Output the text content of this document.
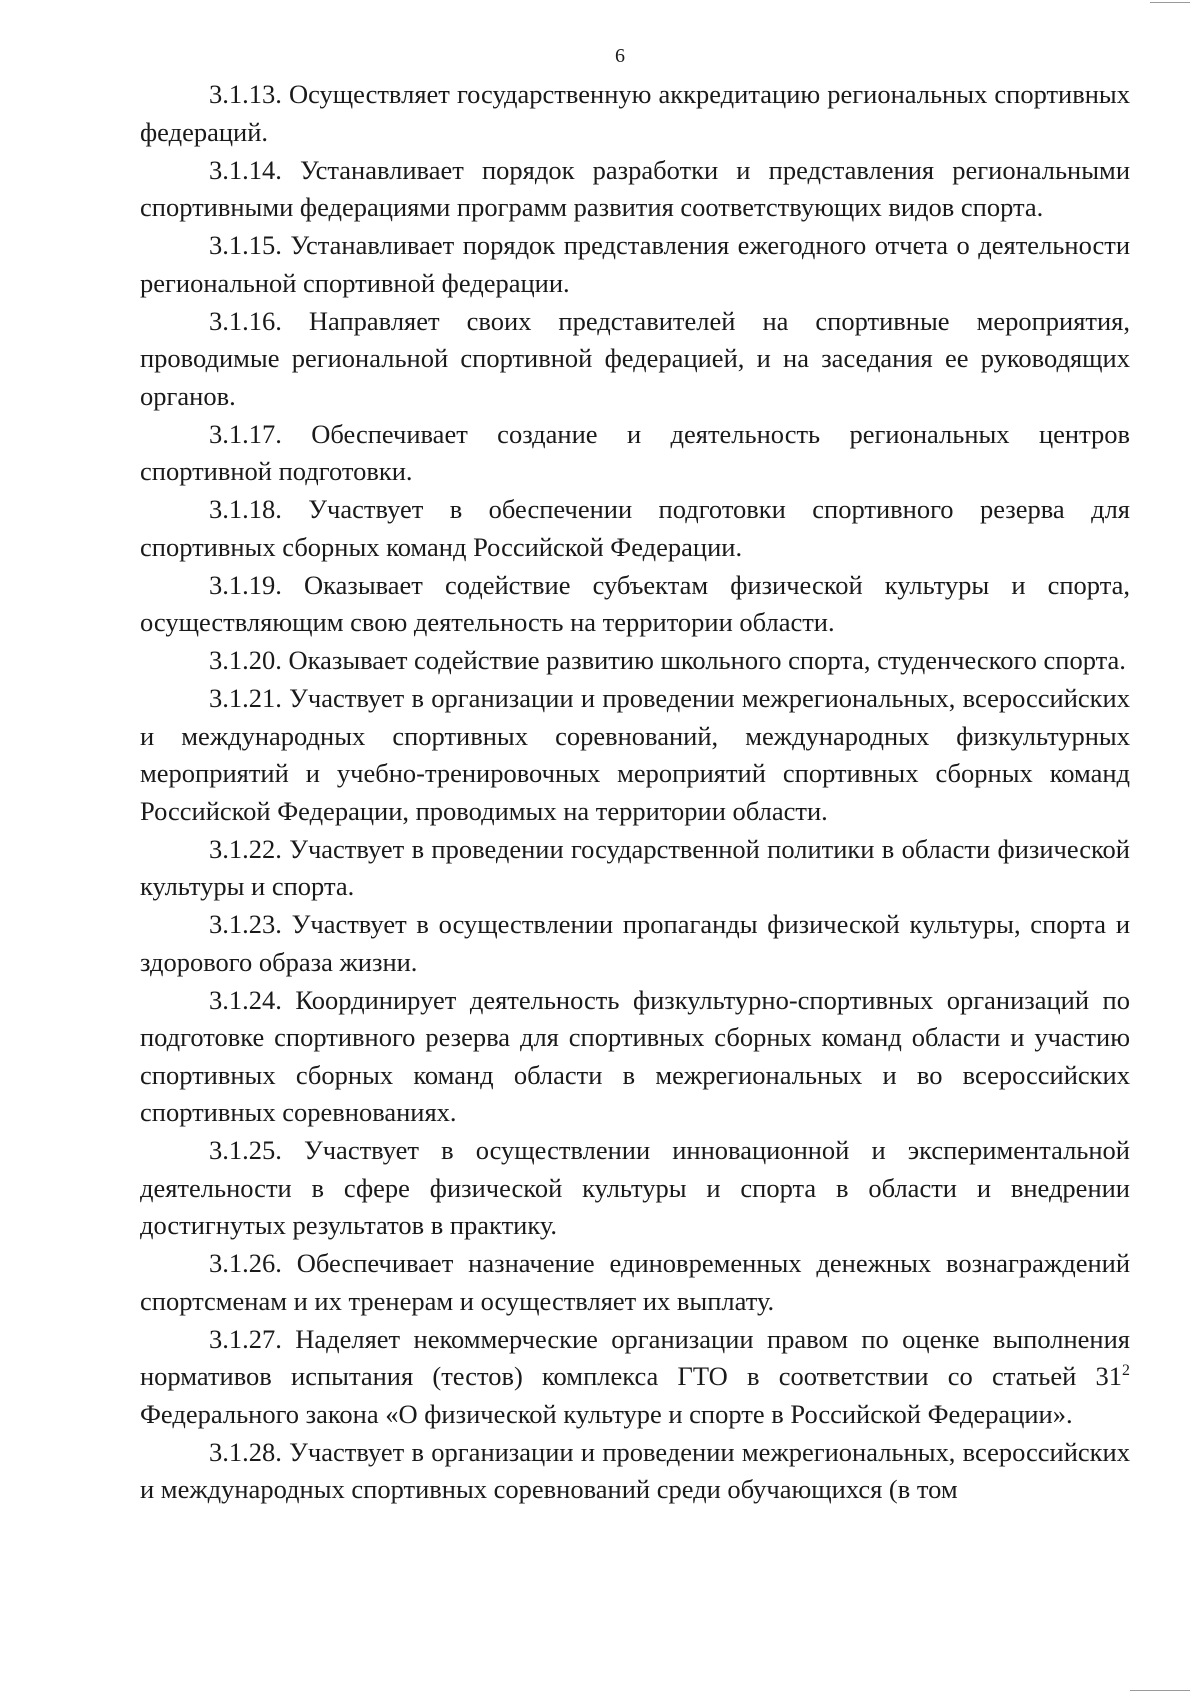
6

3.1.13. Осуществляет государственную аккредитацию региональных спортивных федераций.

3.1.14. Устанавливает порядок разработки и представления региональными спортивными федерациями программ развития соответствующих видов спорта.

3.1.15. Устанавливает порядок представления ежегодного отчета о деятельности региональной спортивной федерации.

3.1.16. Направляет своих представителей на спортивные мероприятия, проводимые региональной спортивной федерацией, и на заседания ее руководящих органов.

3.1.17. Обеспечивает создание и деятельность региональных центров спортивной подготовки.

3.1.18. Участвует в обеспечении подготовки спортивного резерва для спортивных сборных команд Российской Федерации.

3.1.19. Оказывает содействие субъектам физической культуры и спорта, осуществляющим свою деятельность на территории области.

3.1.20. Оказывает содействие развитию школьного спорта, студенческого спорта.

3.1.21. Участвует в организации и проведении межрегиональных, всероссийских и международных спортивных соревнований, международных физкультурных мероприятий и учебно-тренировочных мероприятий спортивных сборных команд Российской Федерации, проводимых на территории области.

3.1.22. Участвует в проведении государственной политики в области физической культуры и спорта.

3.1.23. Участвует в осуществлении пропаганды физической культуры, спорта и здорового образа жизни.

3.1.24. Координирует деятельность физкультурно-спортивных организаций по подготовке спортивного резерва для спортивных сборных команд области и участию спортивных сборных команд области в межрегиональных и во всероссийских спортивных соревнованиях.

3.1.25. Участвует в осуществлении инновационной и экспериментальной деятельности в сфере физической культуры и спорта в области и внедрении достигнутых результатов в практику.

3.1.26. Обеспечивает назначение единовременных денежных вознаграждений спортсменам и их тренерам и осуществляет их выплату.

3.1.27. Наделяет некоммерческие организации правом по оценке выполнения нормативов испытания (тестов) комплекса ГТО в соответствии со статьей $31^2$ Федерального закона «О физической культуре и спорте в Российской Федерации».

3.1.28. Участвует в организации и проведении межрегиональных, всероссийских и международных спортивных соревнований среди обучающихся (в том
